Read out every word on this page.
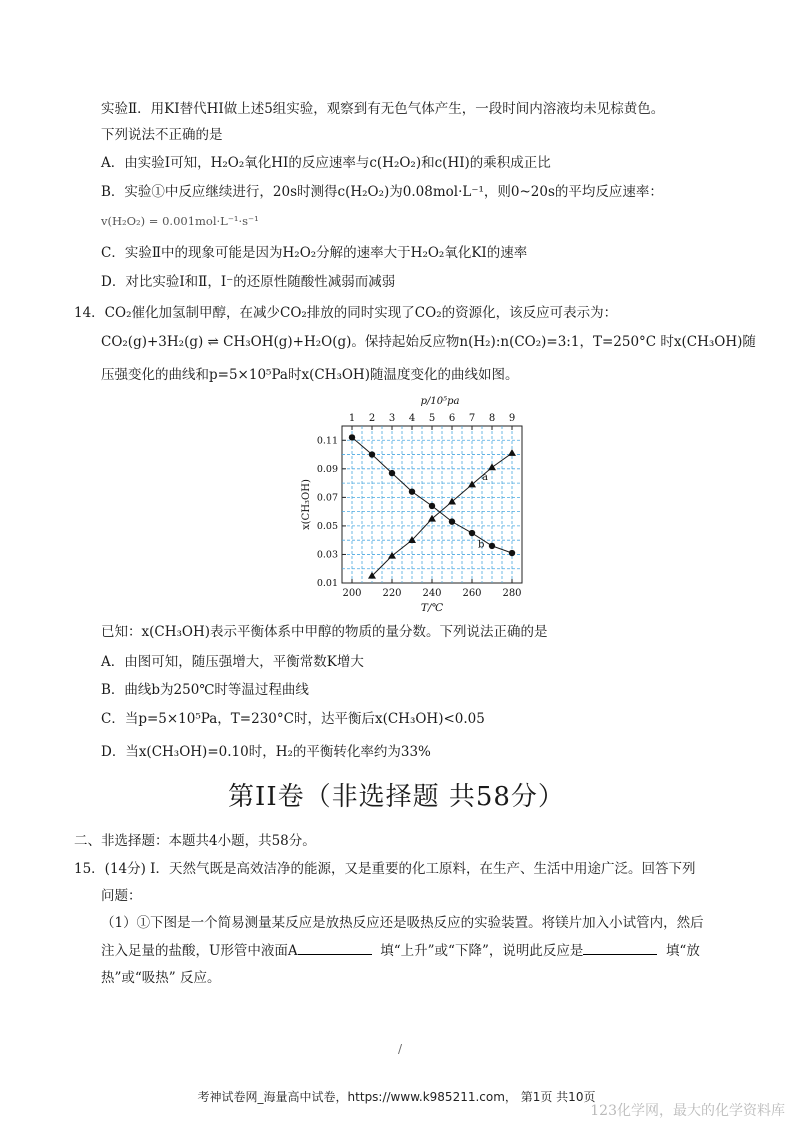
实验Ⅱ．用KI替代HI做上述5组实验，观察到有无色气体产生，一段时间内溶液均未见棕黄色。
下列说法不正确的是
A．由实验Ⅰ可知，H₂O₂氧化HI的反应速率与c(H₂O₂)和c(HI)的乘积成正比
B．实验①中反应继续进行，20s时测得c(H₂O₂)为0.08mol·L⁻¹，则0~20s的平均反应速率：
v(H₂O₂) = 0.001mol·L⁻¹·s⁻¹
C．实验Ⅱ中的现象可能是因为H₂O₂分解的速率大于H₂O₂氧化KI的速率
D．对比实验Ⅰ和Ⅱ，Ⅰ⁻的还原性随酸性减弱而减弱
14．CO₂催化加氢制甲醇，在减少CO₂排放的同时实现了CO₂的资源化，该反应可表示为：
CO₂(g)+3H₂(g) ⇌ CH₃OH(g)+H₂O(g)。保持起始反应物n(H₂):n(CO₂)=3:1，T=250°C 时x(CH₃OH)随
压强变化的曲线和p=5×10⁵Pa时x(CH₃OH)随温度变化的曲线如图。
200 220 240 260 280
1 2 3 4 5 6 7 8 9
0.01
0.03
0.05
0.07
0.09
0.11
T/℃
p/10⁵pa
x(CH₃OH)
a
b
已知：x(CH₃OH)表示平衡体系中甲醇的物质的量分数。下列说法正确的是
A．由图可知，随压强增大，平衡常数K增大
B．曲线b为250℃时等温过程曲线
C．当p=5×10⁵Pa，T=230°C时，达平衡后x(CH₃OH)<0.05
D．当x(CH₃OH)=0.10时，H₂的平衡转化率约为33%
第II卷（非选择题 共58分）
二、非选择题：本题共4小题，共58分。
15．(14分) Ⅰ．天然气既是高效洁净的能源，又是重要的化工原料，在生产、生活中用途广泛。回答下列
问题：
（1）①下图是一个简易测量某反应是放热反应还是吸热反应的实验装置。将镁片加入小试管内，然后
注入足量的盐酸，U形管中液面A	填“上升”或“下降”，说明此反应是	填“放
热”或“吸热” 反应。
/
考神试卷网_海量高中试卷，https://www.k985211.com， 第1页 共10页
123化学网，最大的化学资料库
